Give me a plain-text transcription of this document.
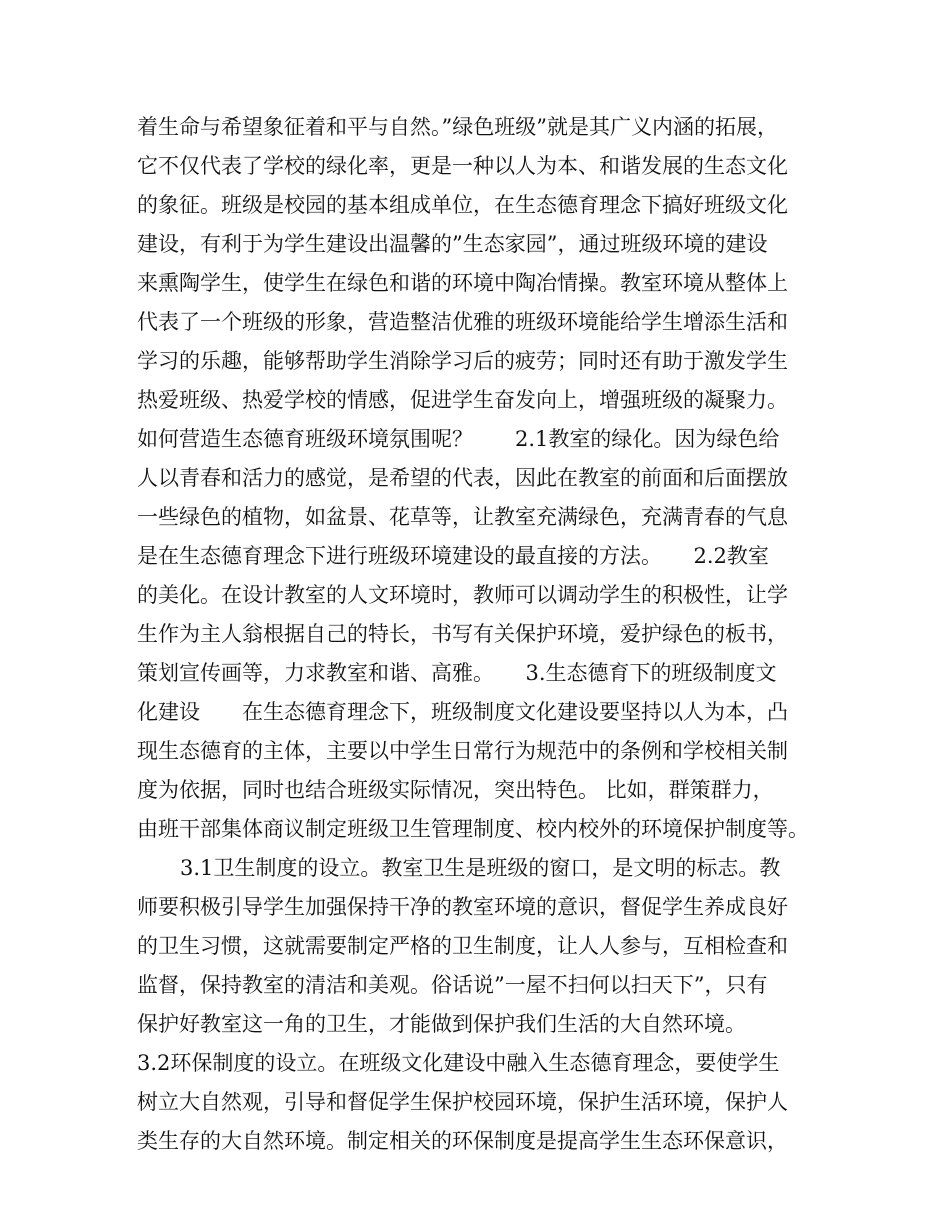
着生命与希望象征着和平与自然。”绿色班级”就是其广义内涵的拓展，
它不仅代表了学校的绿化率，更是一种以人为本、和谐发展的生态文化
的象征。班级是校园的基本组成单位，在生态德育理念下搞好班级文化
建设，有利于为学生建设出温馨的”生态家园”，通过班级环境的建设
来熏陶学生，使学生在绿色和谐的环境中陶冶情操。教室环境从整体上
代表了一个班级的形象，营造整洁优雅的班级环境能给学生增添生活和
学习的乐趣，能够帮助学生消除学习后的疲劳；同时还有助于激发学生
热爱班级、热爱学校的情感，促进学生奋发向上，增强班级的凝聚力。
如何营造生态德育班级环境氛围呢？　　2.1教室的绿化。因为绿色给
人以青春和活力的感觉，是希望的代表，因此在教室的前面和后面摆放
一些绿色的植物，如盆景、花草等，让教室充满绿色，充满青春的气息
是在生态德育理念下进行班级环境建设的最直接的方法。　　2.2教室
的美化。在设计教室的人文环境时，教师可以调动学生的积极性，让学
生作为主人翁根据自己的特长，书写有关保护环境，爱护绿色的板书，
策划宣传画等，力求教室和谐、高雅。　　3.生态德育下的班级制度文
化建设　　在生态德育理念下，班级制度文化建设要坚持以人为本，凸
现生态德育的主体，主要以中学生日常行为规范中的条例和学校相关制
度为依据，同时也结合班级实际情况，突出特色。 比如，群策群力，
由班干部集体商议制定班级卫生管理制度、校内校外的环境保护制度等。
3.1卫生制度的设立。教室卫生是班级的窗口，是文明的标志。教
师要积极引导学生加强保持干净的教室环境的意识，督促学生养成良好
的卫生习惯，这就需要制定严格的卫生制度，让人人参与，互相检查和
监督，保持教室的清洁和美观。俗话说”一屋不扫何以扫天下”，只有
保护好教室这一角的卫生，才能做到保护我们生活的大自然环境。
3.2环保制度的设立。在班级文化建设中融入生态德育理念，要使学生
树立大自然观，引导和督促学生保护校园环境，保护生活环境，保护人
类生存的大自然环境。制定相关的环保制度是提高学生生态环保意识，
